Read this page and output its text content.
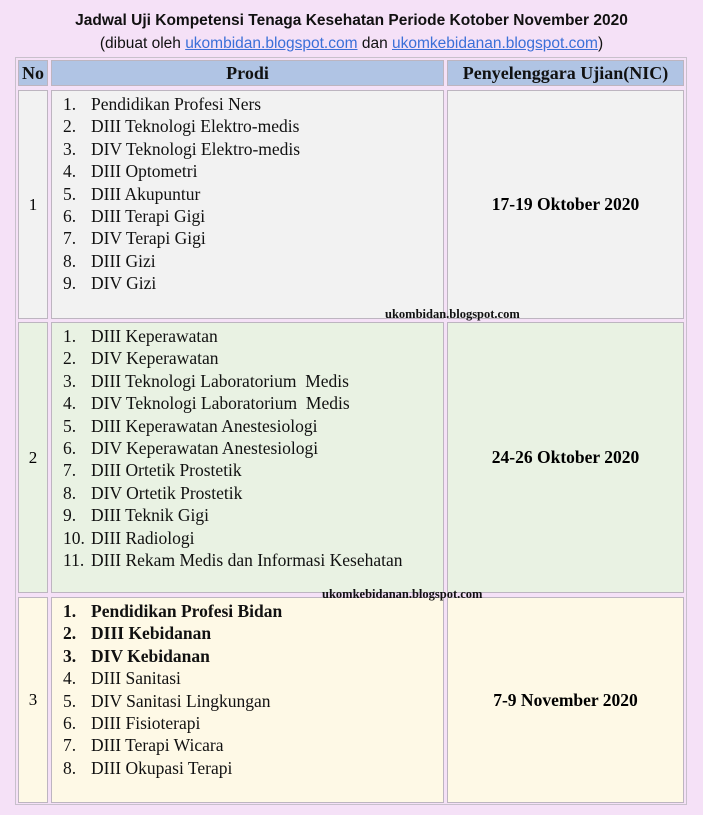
Jadwal Uji Kompetensi Tenaga Kesehatan Periode Kotober November 2020
(dibuat oleh ukombidan.blogspot.com dan ukomkebidanan.blogspot.com)
No	Prodi	Penyelenggara Ujian(NIC)
1
1. Pendidikan Profesi Ners
2. DIII Teknologi Elektro-medis
3. DIV Teknologi Elektro-medis
4. DIII Optometri
5. DIII Akupuntur
6. DIII Terapi Gigi
7. DIV Terapi Gigi
8. DIII Gizi
9. DIV Gizi
17-19 Oktober 2020
2
1. DIII Keperawatan
2. DIV Keperawatan
3. DIII Teknologi Laboratorium  Medis
4. DIV Teknologi Laboratorium  Medis
5. DIII Keperawatan Anestesiologi
6. DIV Keperawatan Anestesiologi
7. DIII Ortetik Prostetik
8. DIV Ortetik Prostetik
9. DIII Teknik Gigi
10. DIII Radiologi
11. DIII Rekam Medis dan Informasi Kesehatan
24-26 Oktober 2020
3
1. Pendidikan Profesi Bidan
2. DIII Kebidanan
3. DIV Kebidanan
4. DIII Sanitasi
5. DIV Sanitasi Lingkungan
6. DIII Fisioterapi
7. DIII Terapi Wicara
8. DIII Okupasi Terapi
7-9 November 2020
ukombidan.blogspot.com
ukomkebidanan.blogspot.com
